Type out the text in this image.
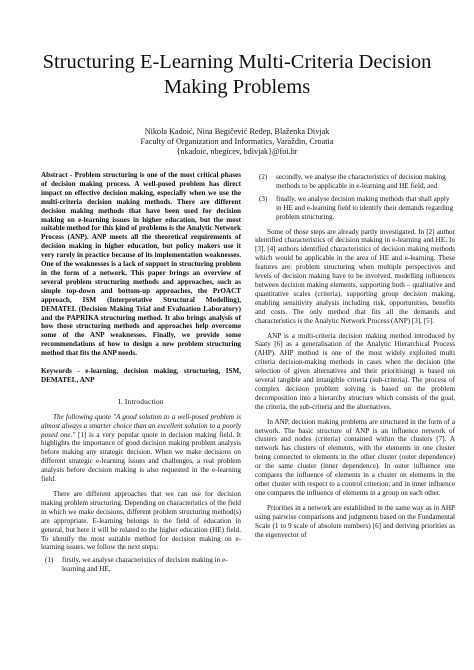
Structuring E-Learning Multi-Criteria Decision Making Problems
Nikola Kadoić, Nina Begičević Ređep, Blaženka Divjak
Faculty of Organization and Informatics, Varaždin, Croatia
{nkadoic, nbegicev, bdivjak}@foi.hr

Abstract - Problem structuring is one of the most critical phases of decision making process. A well-posed problem has direct impact on effective decision making, especially when we use the multi-criteria decision making methods. There are different decision making methods that have been used for decision making on e-learning issues in higher education, but the most suitable method for this kind of problems is the Analytic Network Process (ANP). ANP meets all the theoretical requirements of decision making in higher education, but policy makers use it very rarely in practice because of its implementation weaknesses. One of the weaknesses is a lack of support in structuring problem in the form of a network. This paper brings an overview of several problem structuring methods and approaches, such as simple top-down and bottom-up approaches, the PrOACT approach, ISM (Interpretative Structural Modelling), DEMATEL (Decision Making Trial and Evaluation Laboratory) and the PAPRIKA structuring method. It also brings analysis of how those structuring methods and approaches help overcome some of the ANP weaknesses. Finally, we provide some recommendations of how to design a new problem structuring method that fits the ANP needs.

Keywords - e-learning, decision making, structuring, ISM, DEMATEL, ANP

I. Introduction

The following quote "A good solution to a well-posed problem is almost always a smarter choice than an excellent solution to a poorly posed one." [1] is a very popular quote in decision making field. It highlights the importance of good decision making problem analysis before making any strategic decision. When we make decisions on different strategic e-learning issues and challenges, a real problem analysis before decision making is also requested in the e-learning field.

There are different approaches that we can use for decision making problem structuring. Depending on characteristics of the field in which we make decisions, different problem structuring method(s) are appropriate. E-learning belongs to the field of education in general, but here it will be related to the higher education (HE) field. To identify the most suitable method for decision making on e-learning issues, we follow the next steps:

(1)	firstly, we analyse characteristics of decision making in e-learning and HE,
(2)	secondly, we analyse the characteristics of decision making methods to be applicable in e-learning and HE field, and
(3)	finally, we analyse decision making methods that shall apply in HE and e-learning field to identify their demands regarding problem structuring.

Some of those steps are already partly investigated. In [2] author identified characteristics of decision making in e-learning and HE. In [3], [4] authors identified characteristics of decision making methods which would be applicable in the area of HE and e-learning. These features are: problem structuring when multiple perspectives and levels of decision making have to be involved, modelling influences between decision making elements, supporting both – qualitative and quantitative scales (criteria), supporting group decision making, enabling sensitivity analysis including risk, opportunities, benefits and costs. The only method that fits all the demands and characteristics is the Analytic Network Process (ANP) [3], [5].

ANP is a multi-criteria decision making method introduced by Saaty [6] as a generalisation of the Analytic Hierarchical Process (AHP). AHP method is one of the most widely exploited multi criteria decision-making methods in cases when the decision (the selection of given alternatives and their prioritising) is based on several tangible and intangible criteria (sub-criteria). The process of complex decision problem solving is based on the problem decomposition into a hierarchy structure which consists of the goal, the criteria, the sub-criteria and the alternatives.

In ANP, decision making problems are structured in the form of a network. The basic structure of ANP is an influence network of clusters and nodes (criteria) contained within the clusters [7]. A network has clusters of elements, with the elements in one cluster being connected to elements in the other cluster (outer dependence) or the same cluster (inner dependence). In outer influence one compares the influence of elements in a cluster on elements in the other cluster with respect to a control criterion; and in inner influence one compares the influence of elements in a group on each other.

Priorities in a network are established in the same way as in AHP using pairwise comparisons and judgments based on the Fundamental Scale (1 to 9 scale of absolute numbers) [6] and deriving priorities as the eigenvector of
